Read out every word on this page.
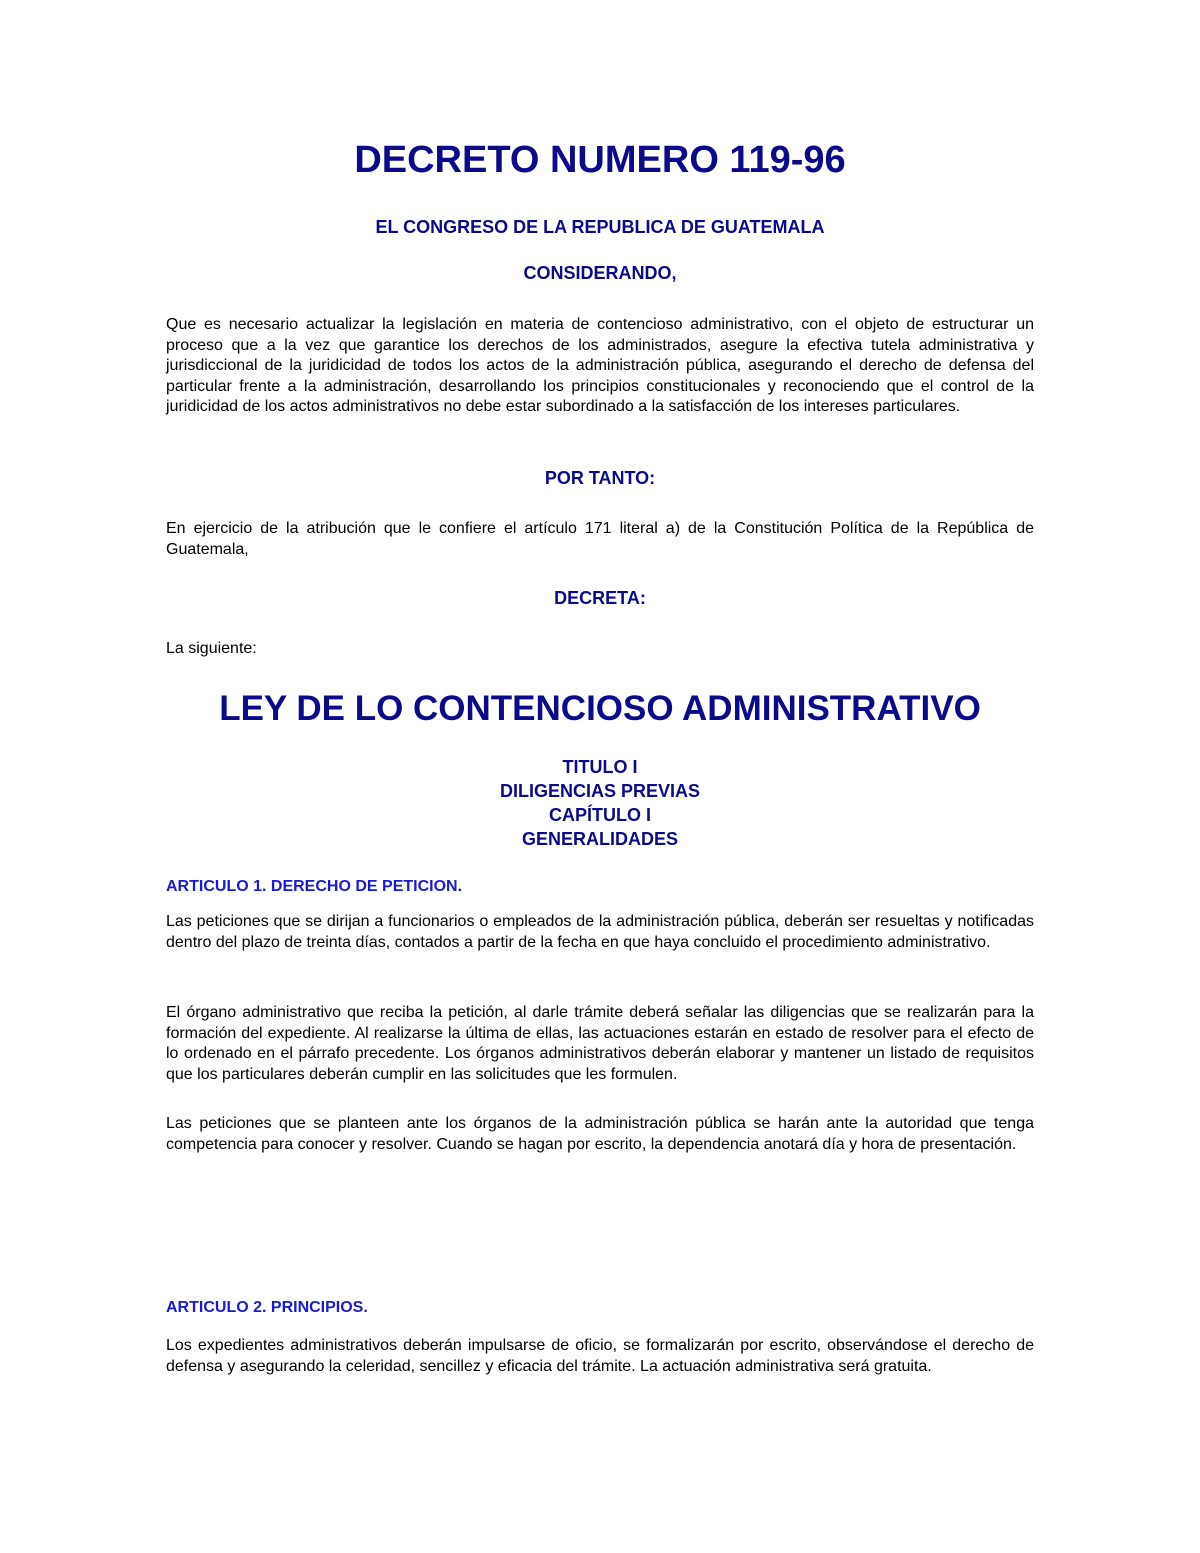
DECRETO NUMERO 119-96
EL CONGRESO DE LA REPUBLICA DE GUATEMALA
CONSIDERANDO,

Que es necesario actualizar la legislación en materia de contencioso administrativo, con el objeto de estructurar un proceso que a la vez que garantice los derechos de los administrados, asegure la efectiva tutela administrativa y jurisdiccional de la juridicidad de todos los actos de la administración pública, asegurando el derecho de defensa del particular frente a la administración, desarrollando los principios constitucionales y reconociendo que el control de la juridicidad de los actos administrativos no debe estar subordinado a la satisfacción de los intereses particulares.

POR TANTO:

En ejercicio de la atribución que le confiere el artículo 171 literal a) de la Constitución Política de la República de Guatemala,

DECRETA:

La siguiente:

LEY DE LO CONTENCIOSO ADMINISTRATIVO
TITULO I
DILIGENCIAS PREVIAS
CAPÍTULO I
GENERALIDADES
ARTICULO 1. DERECHO DE PETICION.

Las peticiones que se dirijan a funcionarios o empleados de la administración pública, deberán ser resueltas y notificadas dentro del plazo de treinta días, contados a partir de la fecha en que haya concluido el procedimiento administrativo.

El órgano administrativo que reciba la petición, al darle trámite deberá señalar las diligencias que se realizarán para la formación del expediente. Al realizarse la última de ellas, las actuaciones estarán en estado de resolver para el efecto de lo ordenado en el párrafo precedente. Los órganos administrativos deberán elaborar y mantener un listado de requisitos que los particulares deberán cumplir en las solicitudes que les formulen.

Las peticiones que se planteen ante los órganos de la administración pública se harán ante la autoridad que tenga competencia para conocer y resolver. Cuando se hagan por escrito, la dependencia anotará día y hora de presentación.

ARTICULO 2. PRINCIPIOS.

Los expedientes administrativos deberán impulsarse de oficio, se formalizarán por escrito, observándose el derecho de defensa y asegurando la celeridad, sencillez y eficacia del trámite. La actuación administrativa será gratuita.
